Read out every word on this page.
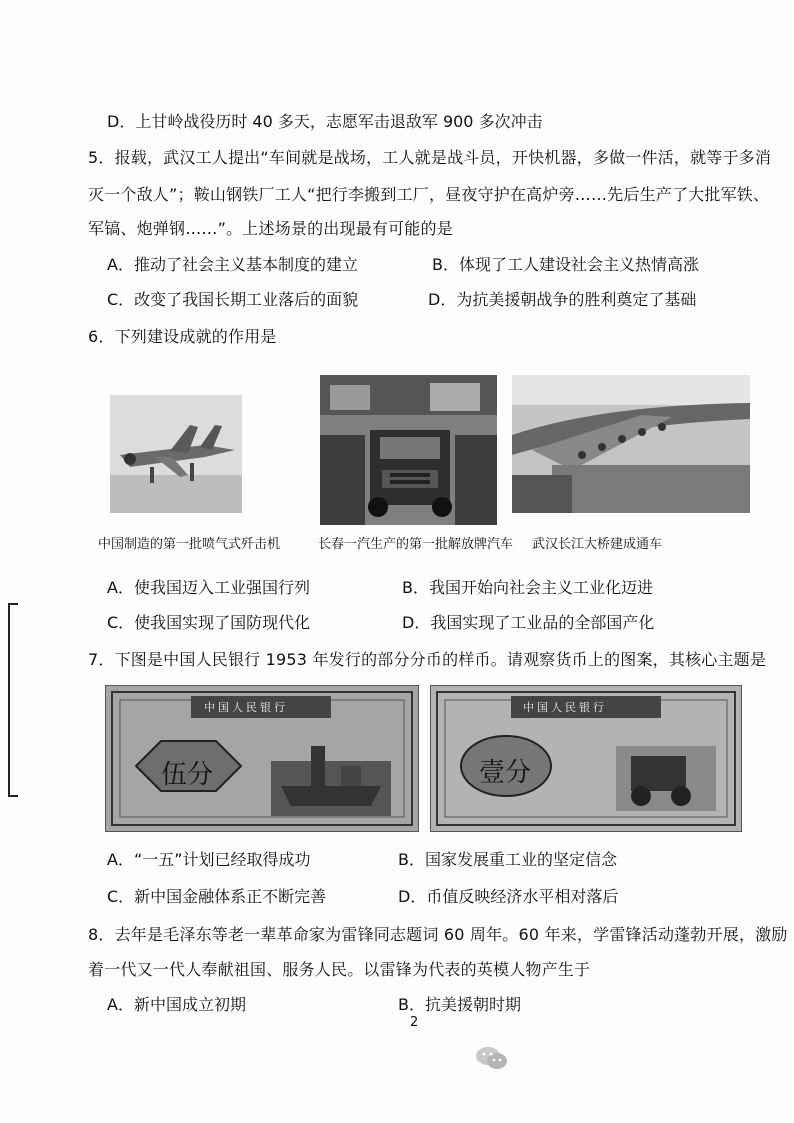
D．上甘岭战役历时 40 多天，志愿军击退敌军 900 多次冲击
5．报载，武汉工人提出“车间就是战场，工人就是战斗员，开快机器，多做一件活，就等于多消
灭一个敌人”；鞍山钢铁厂工人“把行李搬到工厂，昼夜守护在高炉旁……先后生产了大批军铁、
军镐、炮弹钢……”。上述场景的出现最有可能的是
A．推动了社会主义基本制度的建立	B．体现了工人建设社会主义热情高涨
C．改变了我国长期工业落后的面貌	D．为抗美援朝战争的胜利奠定了基础
6．下列建设成就的作用是
中国制造的第一批喷气式歼击机	长春一汽生产的第一批解放牌汽车 武汉长江大桥建成通车
A．使我国迈入工业强国行列	B．我国开始向社会主义工业化迈进
C．使我国实现了国防现代化	D．我国实现了工业品的全部国产化
7．下图是中国人民银行 1953 年发行的部分分币的样币。请观察货币上的图案，其核心主题是
中国人民银行
伍分
中国人民银行
壹分
A．“一五”计划已经取得成功	B．国家发展重工业的坚定信念
C．新中国金融体系正不断完善	D．币值反映经济水平相对落后
8．去年是毛泽东等老一辈革命家为雷锋同志题词 60 周年。60 年来，学雷锋活动蓬勃开展，激励
着一代又一代人奉献祖国、服务人民。以雷锋为代表的英模人物产生于
A．新中国成立初期	B．抗美援朝时期
2
